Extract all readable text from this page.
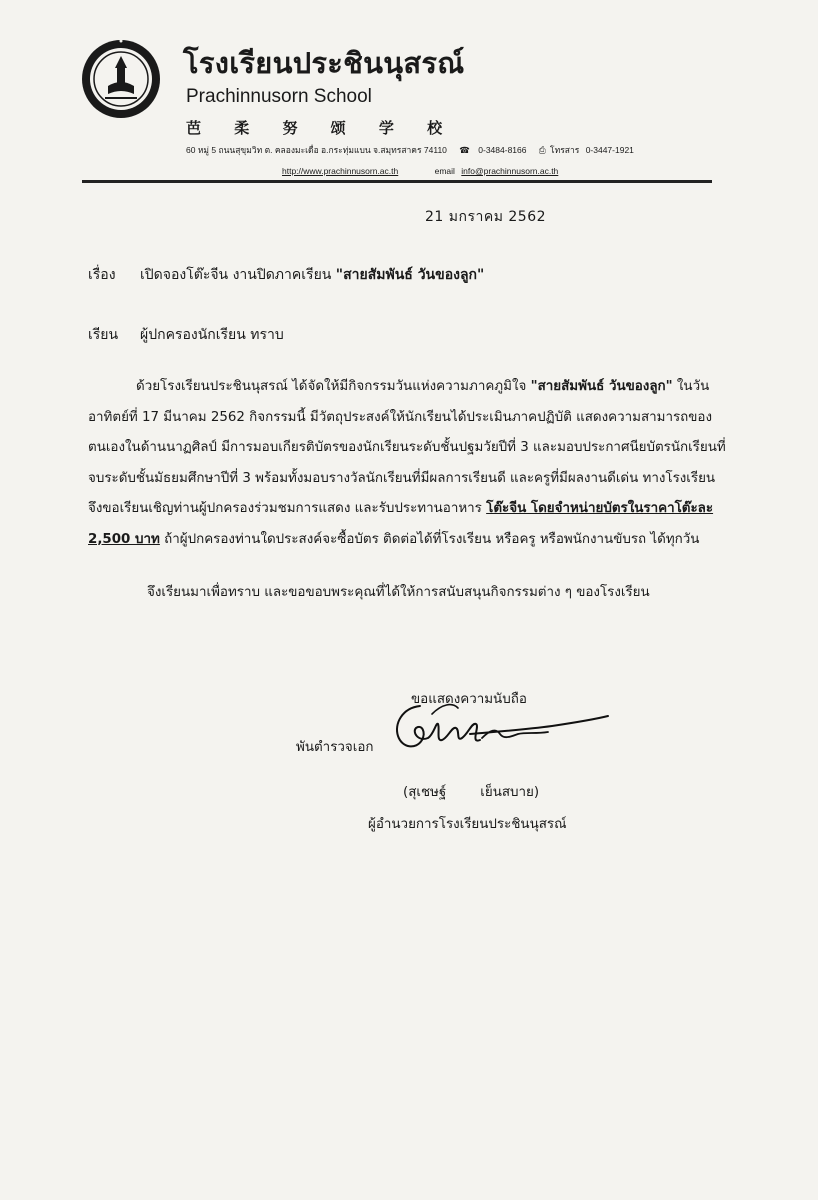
โรงเรียนประชินนุสรณ์
Prachinnusorn School
芭 柔 努 颂 学 校
60 หมู่ 5 ถนนสุขุมวิท ต. คลองมะเดื่อ อ.กระทุ่มแบน จ.สมุทรสาคร 74110 ☎ 0-3484-8166 ⎙ โทรสาร 0-3447-1921
http://www.prachinnusorn.ac.th	email info@prachinnusorn.ac.th
21 มกราคม 2562
เรื่อง เปิดจองโต๊ะจีน งานปิดภาคเรียน "สายสัมพันธ์ วันของลูก"
เรียน ผู้ปกครองนักเรียน ทราบ
ด้วยโรงเรียนประชินนุสรณ์ ได้จัดให้มีกิจกรรมวันแห่งความภาคภูมิใจ "สายสัมพันธ์ วันของลูก" ในวัน
อาทิตย์ที่ 17 มีนาคม 2562 กิจกรรมนี้ มีวัตถุประสงค์ให้นักเรียนได้ประเมินภาคปฏิบัติ แสดงความสามารถของ
ตนเองในด้านนาฏศิลป์ มีการมอบเกียรติบัตรของนักเรียนระดับชั้นปฐมวัยปีที่ 3 และมอบประกาศนียบัตรนักเรียนที่
จบระดับชั้นมัธยมศึกษาปีที่ 3 พร้อมทั้งมอบรางวัลนักเรียนที่มีผลการเรียนดี และครูที่มีผลงานดีเด่น ทางโรงเรียน
จึงขอเรียนเชิญท่านผู้ปกครองร่วมชมการแสดง และรับประทานอาหาร โต๊ะจีน โดยจำหน่ายบัตรในราคาโต๊ะละ
2,500 บาท ถ้าผู้ปกครองท่านใดประสงค์จะซื้อบัตร ติดต่อได้ที่โรงเรียน หรือครู หรือพนักงานขับรถ ได้ทุกวัน
จึงเรียนมาเพื่อทราบ และขอขอบพระคุณที่ได้ให้การสนับสนุนกิจกรรมต่าง ๆ ของโรงเรียน
ขอแสดงความนับถือ
พันตำรวจเอก
(สุเชษฐ์	เย็นสบาย)
ผู้อำนวยการโรงเรียนประชินนุสรณ์
